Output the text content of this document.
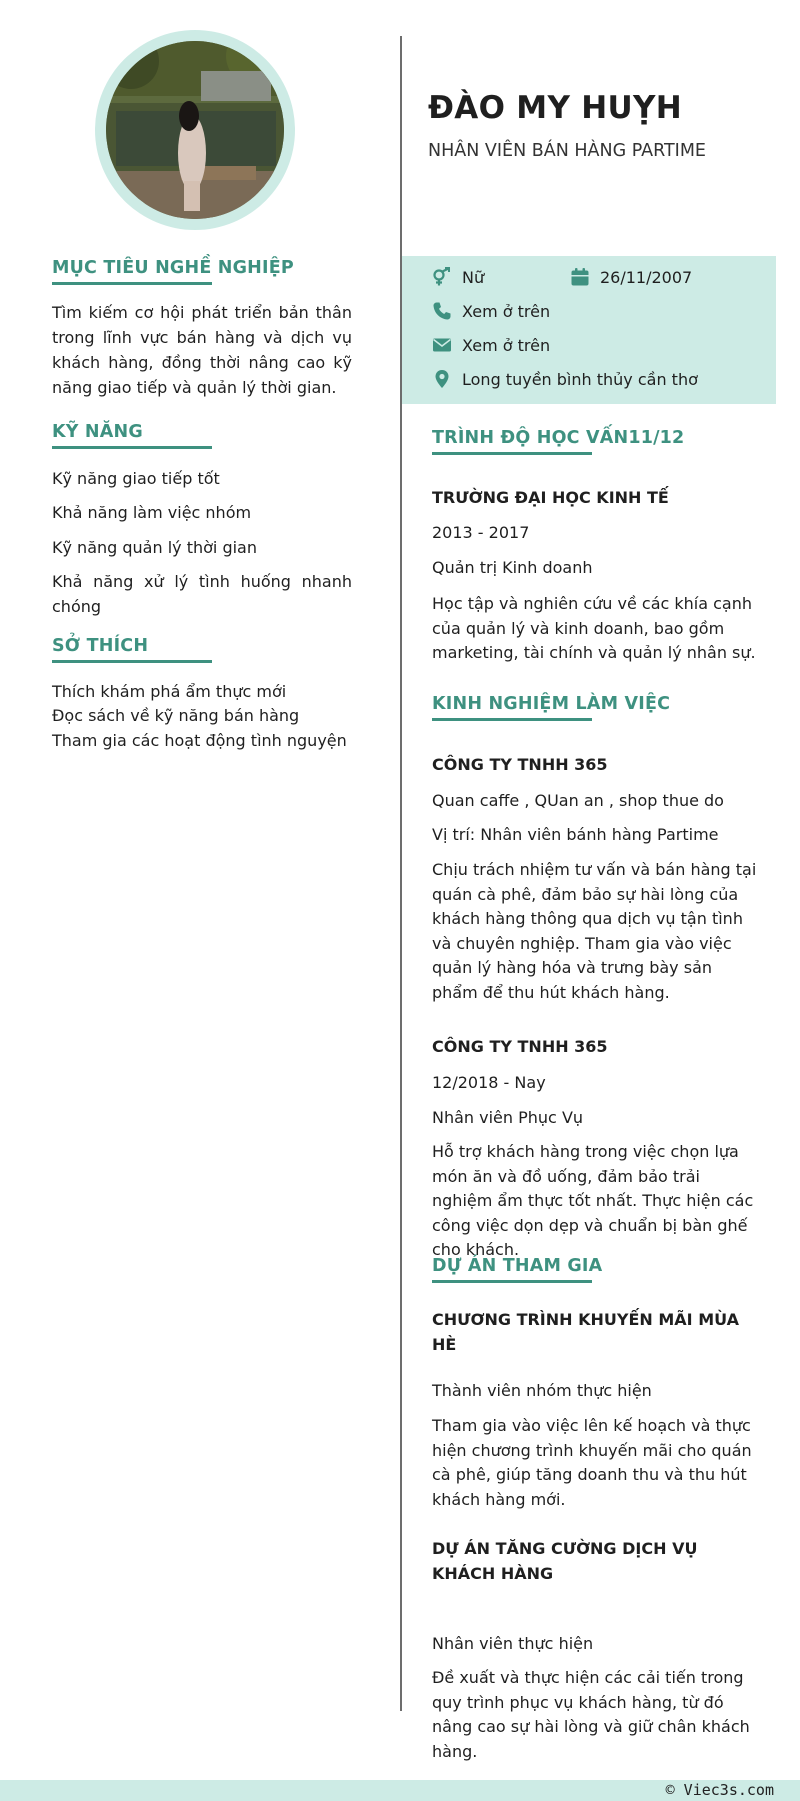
MỤC TIÊU NGHỀ NGHIỆP
Tìm kiếm cơ hội phát triển bản thân trong lĩnh vực bán hàng và dịch vụ khách hàng, đồng thời nâng cao kỹ năng giao tiếp và quản lý thời gian.
KỸ NĂNG
Kỹ năng giao tiếp tốt
Khả năng làm việc nhóm
Kỹ năng quản lý thời gian
Khả năng xử lý tình huống nhanh chóng
SỞ THÍCH
Thích khám phá ẩm thực mới
Đọc sách về kỹ năng bán hàng
Tham gia các hoạt động tình nguyện
ĐÀO MY HUỴH
NHÂN VIÊN BÁN HÀNG PARTIME
Nữ	26/11/2007
Xem ở trên
Xem ở trên
Long tuyền bình thủy cần thơ
TRÌNH ĐỘ HỌC VẤN11/12
TRƯỜNG ĐẠI HỌC KINH TẾ
2013 - 2017
Quản trị Kinh doanh
Học tập và nghiên cứu về các khía cạnh của quản lý và kinh doanh, bao gồm marketing, tài chính và quản lý nhân sự.
KINH NGHIỆM LÀM VIỆC
CÔNG TY TNHH 365
Quan caffe , QUan an , shop thue do
Vị trí: Nhân viên bánh hàng Partime
Chịu trách nhiệm tư vấn và bán hàng tại quán cà phê, đảm bảo sự hài lòng của khách hàng thông qua dịch vụ tận tình và chuyên nghiệp. Tham gia vào việc quản lý hàng hóa và trưng bày sản phẩm để thu hút khách hàng.
CÔNG TY TNHH 365
12/2018 - Nay
Nhân viên Phục Vụ
Hỗ trợ khách hàng trong việc chọn lựa món ăn và đồ uống, đảm bảo trải nghiệm ẩm thực tốt nhất. Thực hiện các công việc dọn dẹp và chuẩn bị bàn ghế cho khách.
DỰ ÁN THAM GIA
CHƯƠNG TRÌNH KHUYẾN MÃI MÙA HÈ
Thành viên nhóm thực hiện
Tham gia vào việc lên kế hoạch và thực hiện chương trình khuyến mãi cho quán cà phê, giúp tăng doanh thu và thu hút khách hàng mới.
DỰ ÁN TĂNG CƯỜNG DỊCH VỤ KHÁCH HÀNG
Nhân viên thực hiện
Đề xuất và thực hiện các cải tiến trong quy trình phục vụ khách hàng, từ đó nâng cao sự hài lòng và giữ chân khách hàng.
© Viec3s.com
